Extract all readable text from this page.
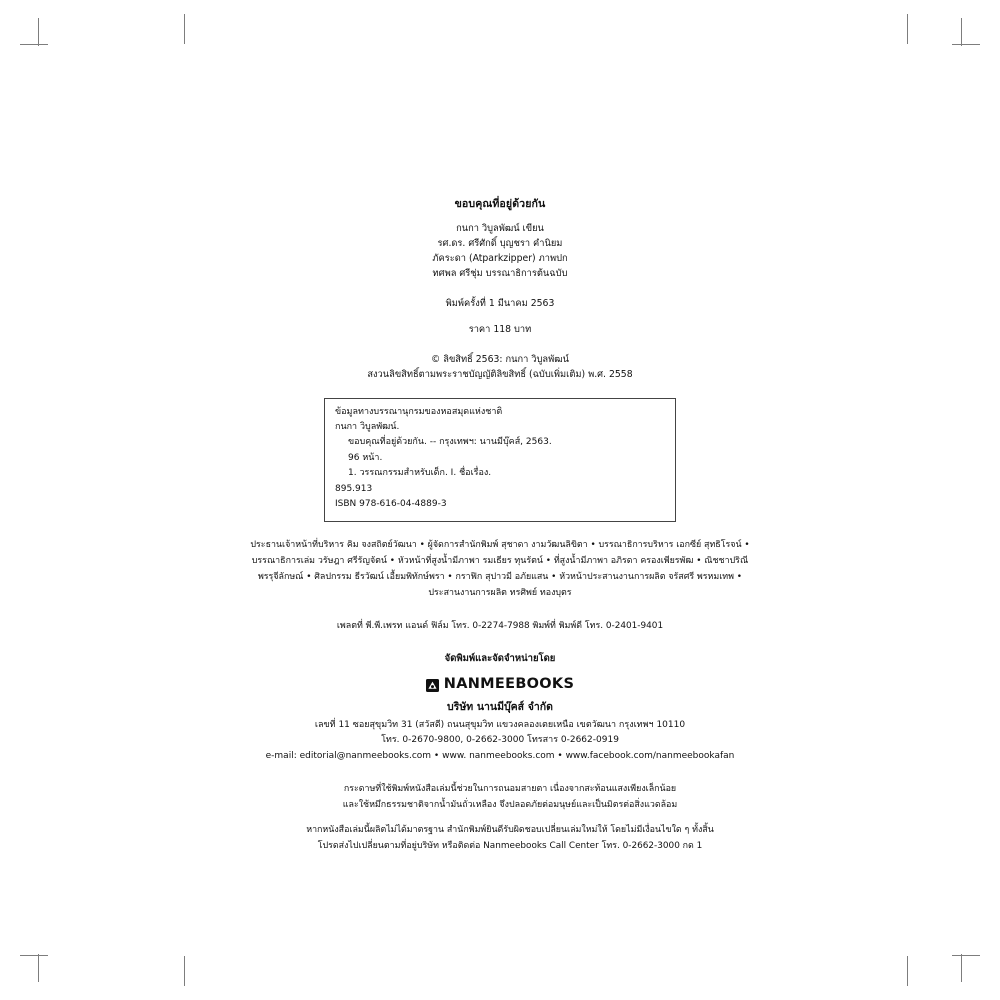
ขอบคุณที่อยู่ด้วยกัน
กนกา วิบูลพัฒน์ เขียน
รศ.ดร. ศรีศักดิ์ บุญชรา คำนิยม
ภัคระดา (Atparkzipper) ภาพปก
ทศพล ศรีชุ่ม บรรณาธิการต้นฉบับ
พิมพ์ครั้งที่ 1 มีนาคม 2563
ราคา 118 บาท
© ลิขสิทธิ์ 2563: กนกา วิบูลพัฒน์
สงวนลิขสิทธิ์ตามพระราชบัญญัติลิขสิทธิ์ (ฉบับเพิ่มเติม) พ.ศ. 2558
ข้อมูลทางบรรณานุกรมของหอสมุดแห่งชาติ
กนกา วิบูลพัฒน์.
ขอบคุณที่อยู่ด้วยกัน. -- กรุงเทพฯ: นานมีบุ๊คส์, 2563.
96 หน้า.
1. วรรณกรรมสำหรับเด็ก. I. ชื่อเรื่อง.
895.913
ISBN 978-616-04-4889-3
ประธานเจ้าหน้าที่บริหาร คิม จงสถิตย์วัฒนา • ผู้จัดการสำนักพิมพ์ สุชาดา งามวัฒนลิขิตา • บรรณาธิการบริหาร เอกซีย์ สุทธิโรจน์ • บรรณาธิการเล่ม วรัษฎา ศรีรัญจัตน์ • หัวหน้าที่สูงน้ำมีภาพา รมเธียร ทุนรัตน์ • ที่สูงน้ำมีภาพา อภิรดา ครองเพียรพัฒ • ณิชชาปริณี พรรุจีลักษณ์ • ศิลปกรรม ธีรวัฒน์ เอื้ยมพิทักษ์พรา • กราฟิก สุปาวมี อภัยแสน • หัวหน้าประสานงานการผลิต จรัสศรี พรหมเทพ • ประสานงานการผลิต ทรศิพย์ ทองบุตร
เพลตที่ พี.พี.เพรท แอนด์ ฟิล์ม โทร. 0-2274-7988 พิมพ์ที่ พิมพ์ดี โทร. 0-2401-9401
จัดพิมพ์และจัดจำหน่ายโดย
NANMEEBOOKS
บริษัท นานมีบุ๊คส์ จำกัด
เลขที่ 11 ซอยสุขุมวิท 31 (สวัสดี) ถนนสุขุมวิท แขวงคลองเตยเหนือ เขตวัฒนา กรุงเทพฯ 10110
โทร. 0-2670-9800, 0-2662-3000 โทรสาร 0-2662-0919
e-mail: editorial@nanmeebooks.com • www. nanmeebooks.com • www.facebook.com/nanmeebookafan
กระดาษที่ใช้พิมพ์หนังสือเล่มนี้ช่วยในการถนอมสายตา เนื่องจากสะท้อนแสงเพียงเล็กน้อย
และใช้หมึกธรรมชาติจากน้ำมันถั่วเหลือง จึงปลอดภัยต่อมนุษย์และเป็นมิตรต่อสิ่งแวดล้อม
หากหนังสือเล่มนี้ผลิตไม่ได้มาตรฐาน สำนักพิมพ์ยินดีรับผิดชอบเปลี่ยนเล่มใหม่ให้ โดยไม่มีเงื่อนไขใด ๆ ทั้งสิ้น
โปรดส่งไปเปลี่ยนตามที่อยู่บริษัท หรือติดต่อ Nanmeebooks Call Center โทร. 0-2662-3000 กด 1
